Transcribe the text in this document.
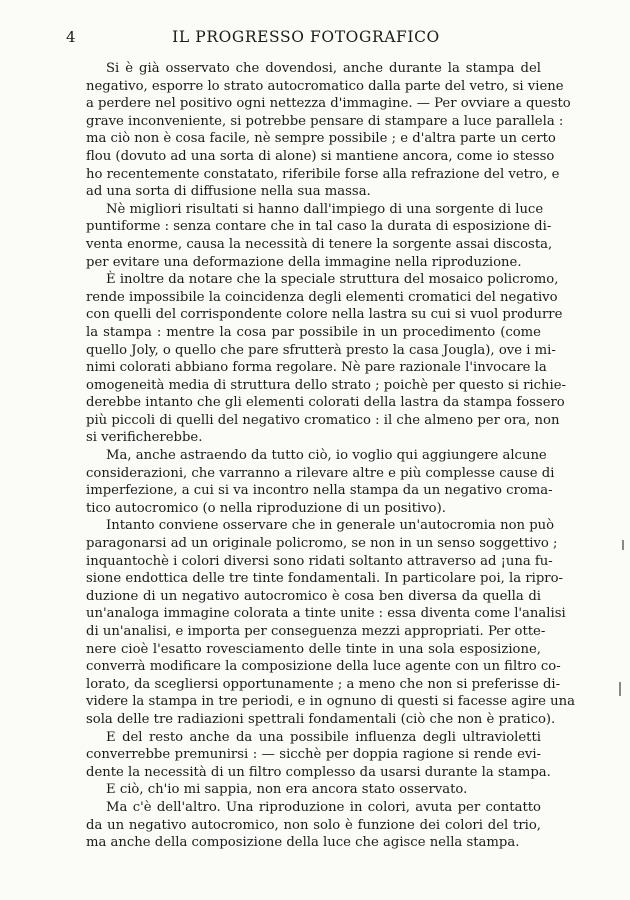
4	IL PROGRESSO FOTOGRAFICO

Si è già osservato che dovendosi, anche durante la stampa del
negativo, esporre lo strato autocromatico dalla parte del vetro, si viene
a perdere nel positivo ogni nettezza d'immagine. — Per ovviare a questo
grave inconveniente, si potrebbe pensare di stampare a luce parallela :
ma ciò non è cosa facile, nè sempre possibile ; e d'altra parte un certo
flou (dovuto ad una sorta di alone) si mantiene ancora, come io stesso
ho recentemente constatato, riferibile forse alla refrazione del vetro, e
ad una sorta di diffusione nella sua massa.

Nè migliori risultati si hanno dall'impiego di una sorgente di luce
puntiforme : senza contare che in tal caso la durata di esposizione di-
venta enorme, causa la necessità di tenere la sorgente assai discosta,
per evitare una deformazione della immagine nella riproduzione.

È inoltre da notare che la speciale struttura del mosaico policromo,
rende impossibile la coincidenza degli elementi cromatici del negativo
con quelli del corrispondente colore nella lastra su cui si vuol produrre
la stampa : mentre la cosa par possibile in un procedimento (come
quello Joly, o quello che pare sfrutterà presto la casa Jougla), ove i mi-
nimi colorati abbiano forma regolare. Nè pare razionale l'invocare la
omogeneità media di struttura dello strato ; poichè per questo si richie-
derebbe intanto che gli elementi colorati della lastra da stampa fossero
più piccoli di quelli del negativo cromatico : il che almeno per ora, non
si verificherebbe.

Ma, anche astraendo da tutto ciò, io voglio qui aggiungere alcune
considerazioni, che varranno a rilevare altre e più complesse cause di
imperfezione, a cui si va incontro nella stampa da un negativo croma-
tico autocromico (o nella riproduzione di un positivo).

Intanto conviene osservare che in generale un'autocromia non può
paragonarsi ad un originale policromo, se non in un senso soggettivo ;
inquantochè i colori diversi sono ridati soltanto attraverso ad ¡una fu-
sione endottica delle tre tinte fondamentali. In particolare poi, la ripro-
duzione di un negativo autocromico è cosa ben diversa da quella di
un'analoga immagine colorata a tinte unite : essa diventa come l'analisi
di un'analisi, e importa per conseguenza mezzi appropriati. Per otte-
nere cioè l'esatto rovesciamento delle tinte in una sola esposizione,
converrà modificare la composizione della luce agente con un filtro co-
lorato, da scegliersi opportunamente ; a meno che non si preferisse di-
videre la stampa in tre periodi, e in ognuno di questi si facesse agire una
sola delle tre radiazioni spettrali fondamentali (ciò che non è pratico).

E del resto anche da una possibile influenza degli ultravioletti
converrebbe premunirsi : — sicchè per doppia ragione si rende evi-
dente la necessità di un filtro complesso da usarsi durante la stampa.

E ciò, ch'io mi sappia, non era ancora stato osservato.

Ma c'è dell'altro. Una riproduzione in colori, avuta per contatto
da un negativo autocromico, non solo è funzione dei colori del trio,
ma anche della composizione della luce che agisce nella stampa.
